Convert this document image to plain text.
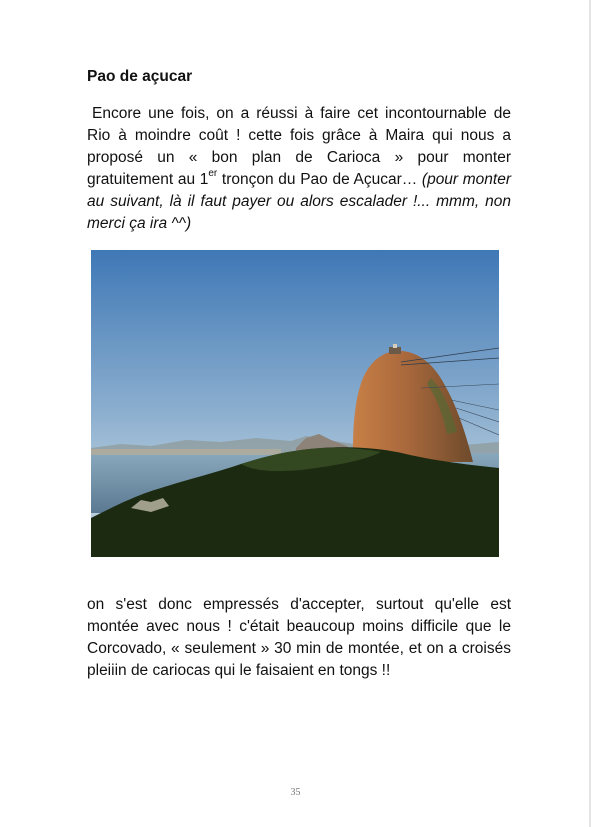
Pao de açucar

Encore une fois, on a réussi à faire cet incontournable de Rio à moindre coût ! cette fois grâce à Maira qui nous a proposé un « bon plan de Carioca » pour monter gratuitement au 1er tronçon du Pao de Açucar… (pour monter au suivant, là il faut payer ou alors escalader !... mmm, non merci ça ira ^^)

on s'est donc empressés d'accepter, surtout qu'elle est montée avec nous ! c'était beaucoup moins difficile que le Corcovado, « seulement » 30 min de montée, et on a croisés pleiiin de cariocas qui le faisaient en tongs !!

35
